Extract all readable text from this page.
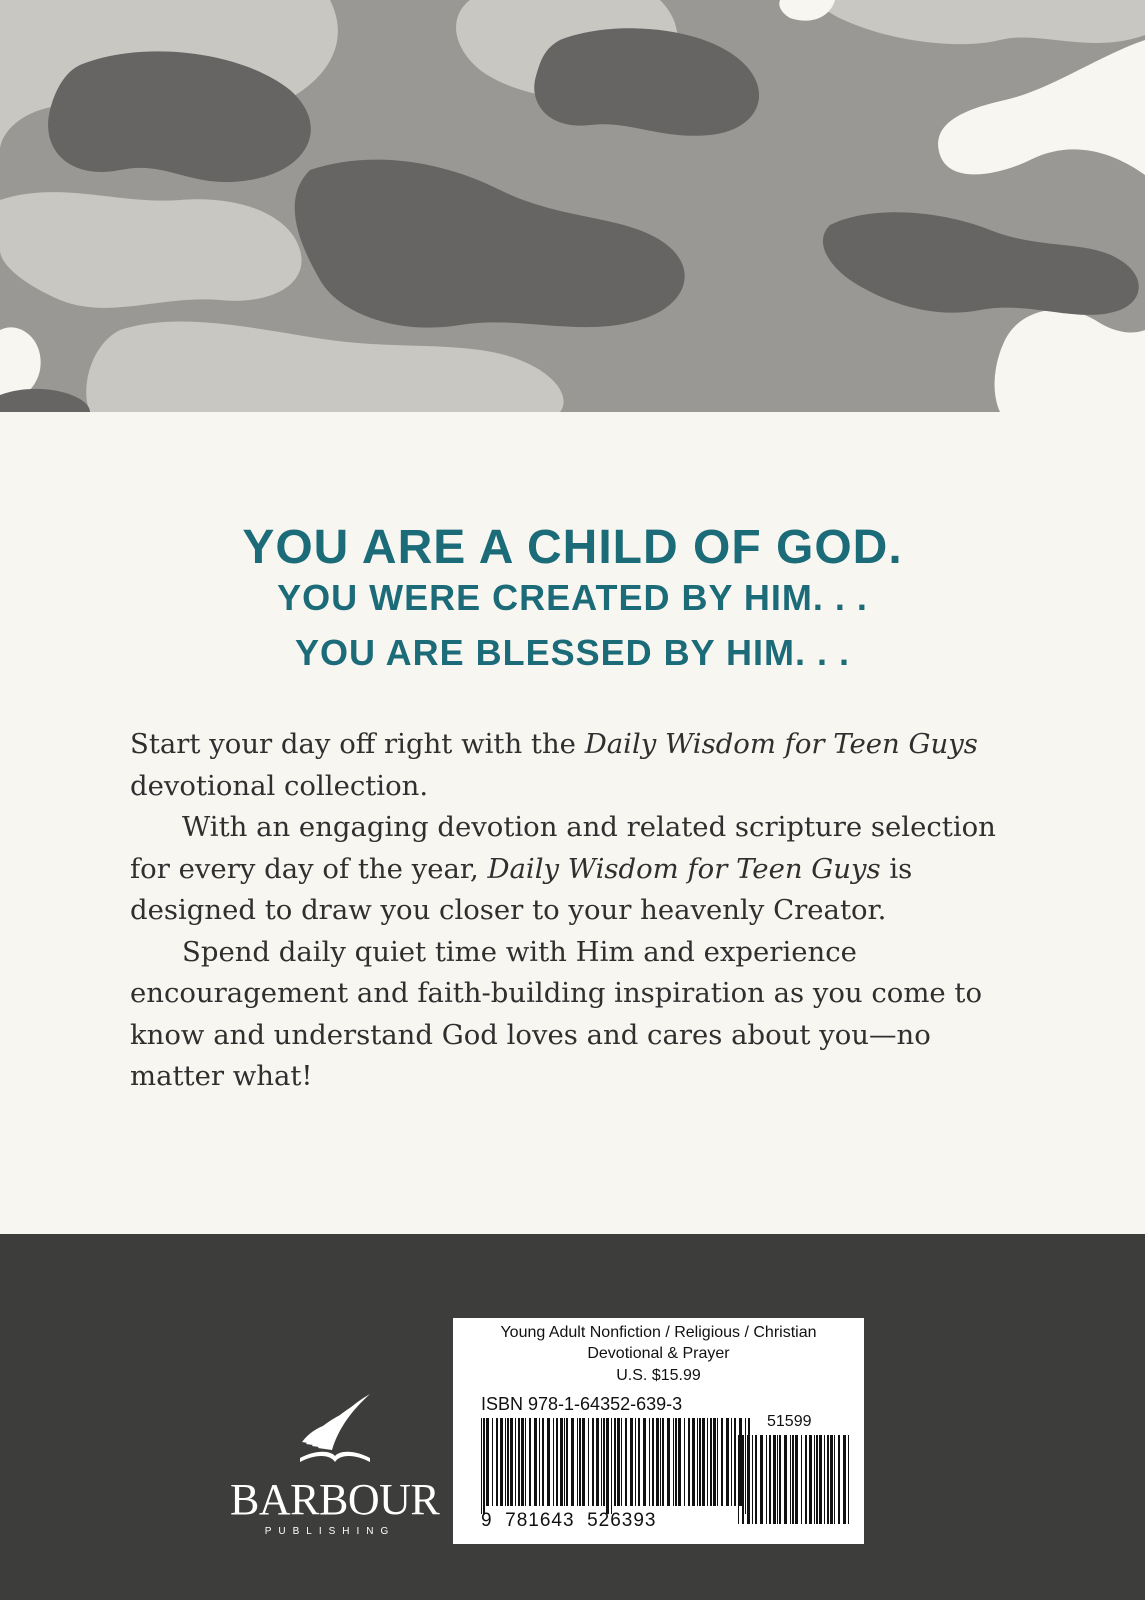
YOU ARE A CHILD OF GOD.
YOU WERE CREATED BY HIM. . .
YOU ARE BLESSED BY HIM. . .

Start your day off right with the Daily Wisdom for Teen Guys devotional collection.

With an engaging devotion and related scripture selection for every day of the year, Daily Wisdom for Teen Guys is designed to draw you closer to your heavenly Creator.

Spend daily quiet time with Him and experience encouragement and faith-building inspiration as you come to know and understand God loves and cares about you—no matter what!

BARBOUR
PUBLISHING
Young Adult Nonfiction / Religious / Christian
Devotional & Prayer
U.S. $15.99
ISBN 978-1-64352-639-3
9  781643  526393
51599
